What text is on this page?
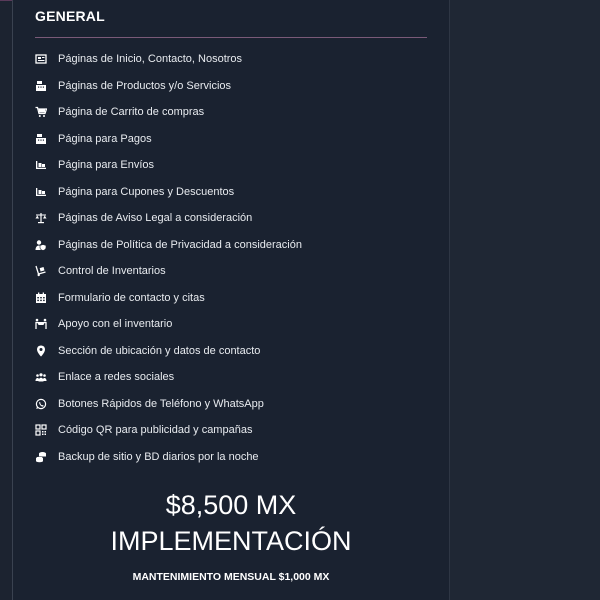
GENERAL
Páginas de Inicio, Contacto, Nosotros
Páginas de Productos y/o Servicios
Página de Carrito de compras
Página para Pagos
Página para Envíos
Página para Cupones y Descuentos
Páginas de Aviso Legal a consideración
Páginas de Política de Privacidad a consideración
Control de Inventarios
Formulario de contacto y citas
Apoyo con el inventario
Sección de ubicación y datos de contacto
Enlace a redes sociales
Botones Rápidos de Teléfono y WhatsApp
Código QR para publicidad y campañas
Backup de sitio y BD diarios por la noche
$8,500 MX
IMPLEMENTACIÓN
MANTENIMIENTO MENSUAL $1,000 MX
